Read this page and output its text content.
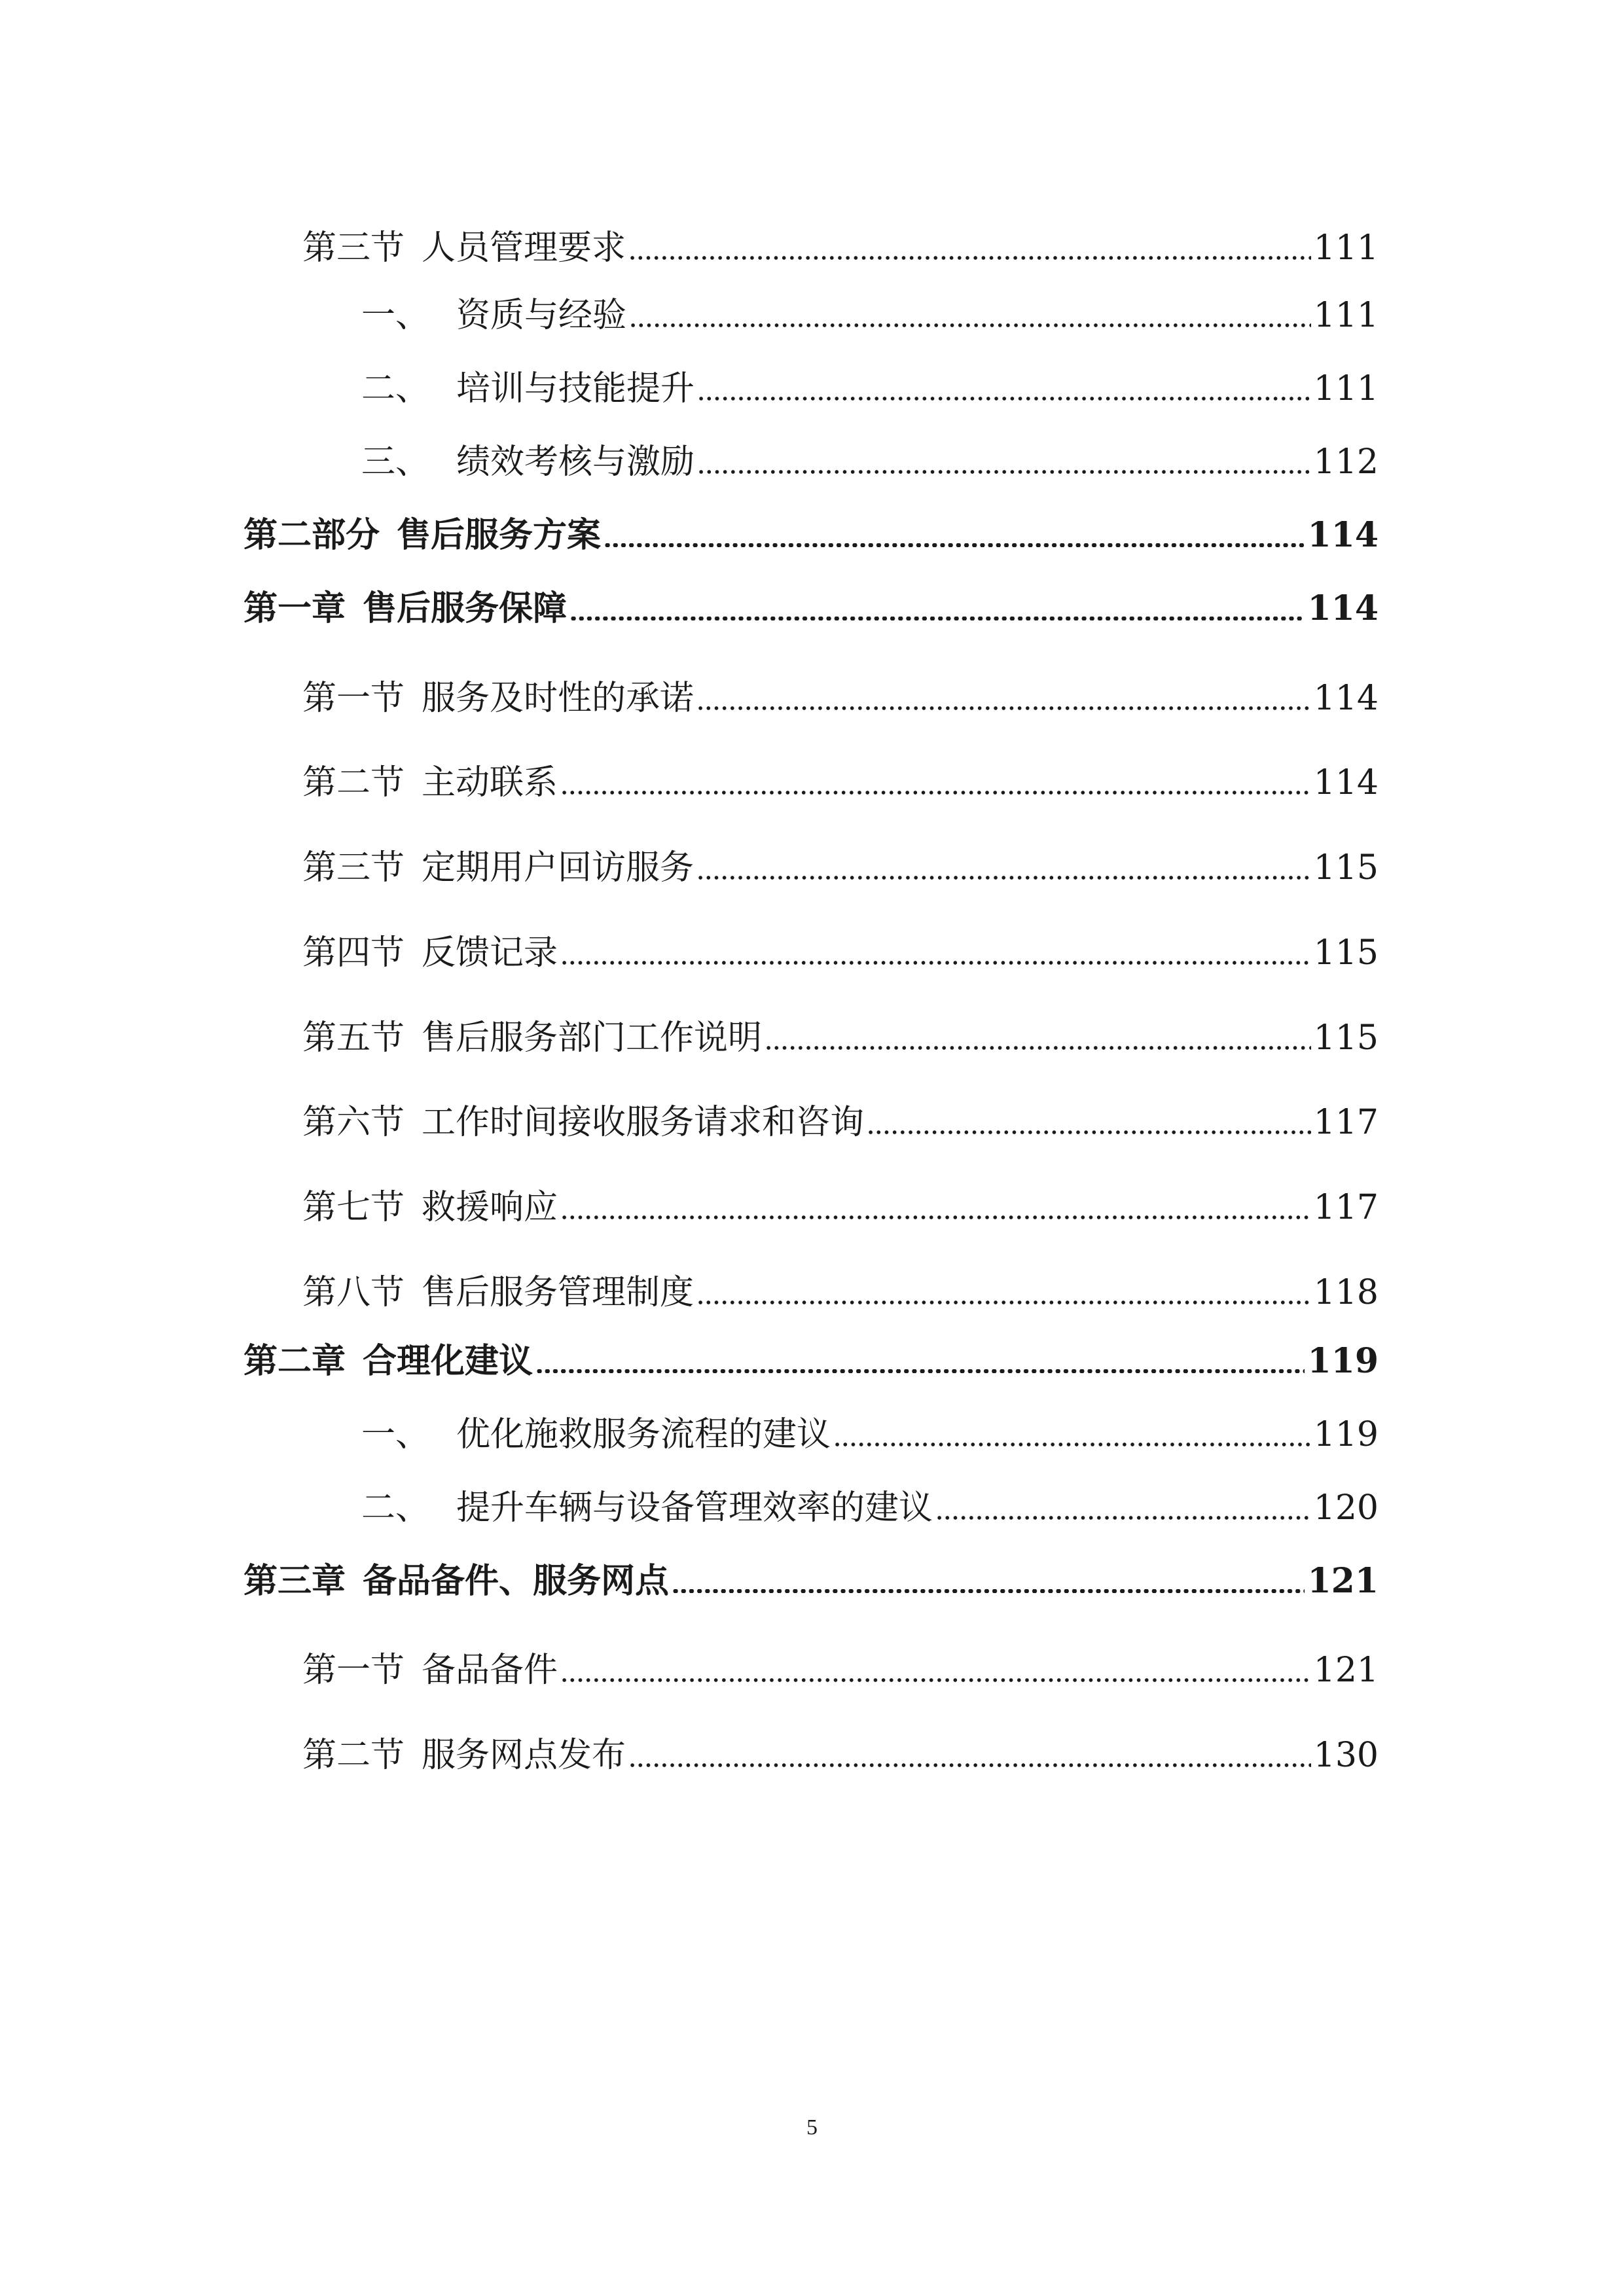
第三节 人员管理要求	111
一、 资质与经验	111
二、 培训与技能提升	111
三、 绩效考核与激励	112
第二部分 售后服务方案	114
第一章 售后服务保障	114
第一节 服务及时性的承诺	114
第二节 主动联系	114
第三节 定期用户回访服务	115
第四节 反馈记录	115
第五节 售后服务部门工作说明	115
第六节 工作时间接收服务请求和咨询	117
第七节 救援响应	117
第八节 售后服务管理制度	118
第二章 合理化建议	119
一、 优化施救服务流程的建议	119
二、 提升车辆与设备管理效率的建议	120
第三章 备品备件、服务网点	121
第一节 备品备件	121
第二节 服务网点发布	130
5
